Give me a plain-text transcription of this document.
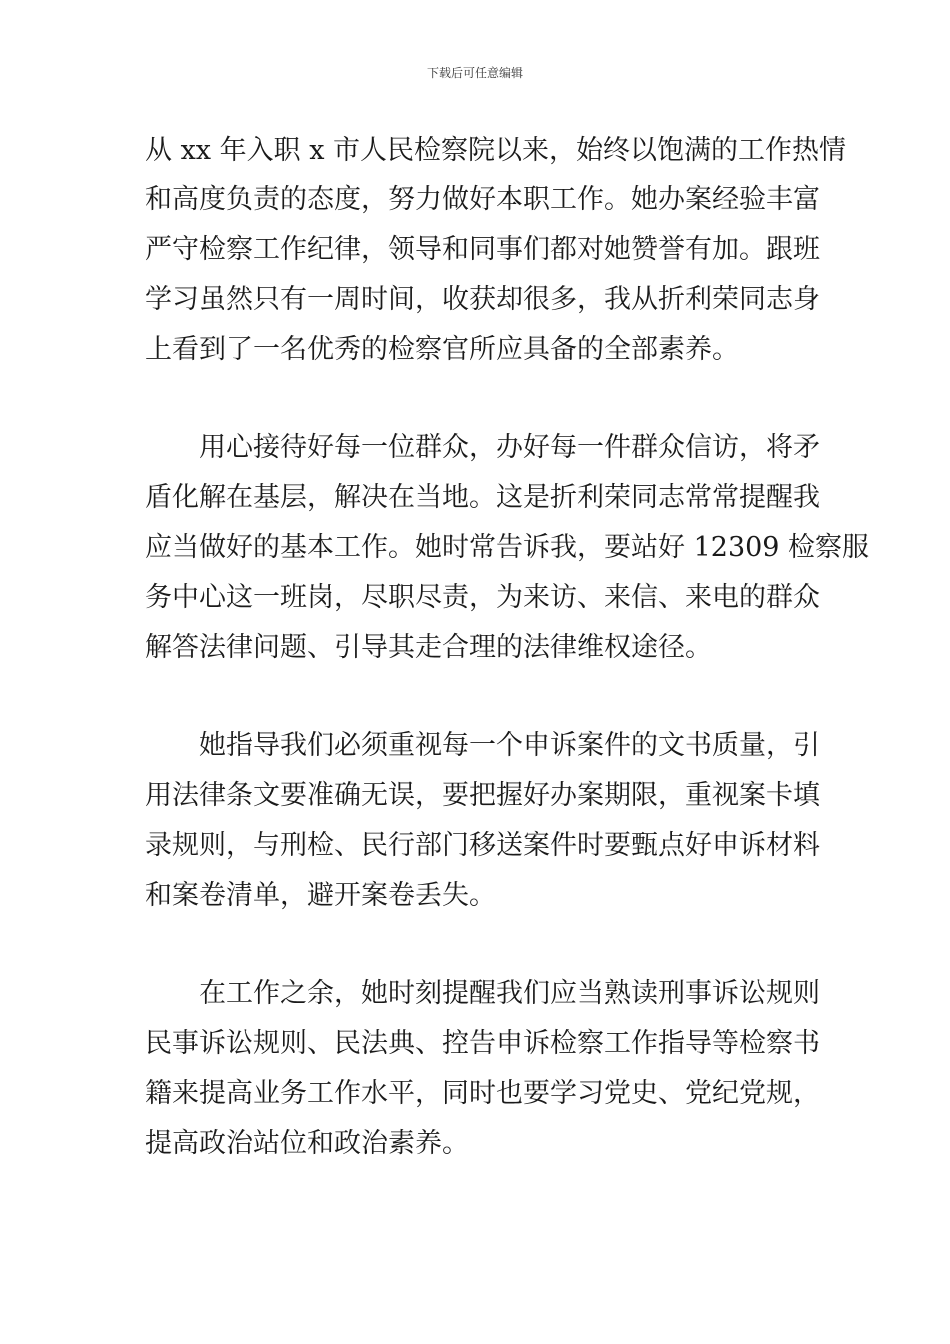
下载后可任意编辑
从 xx 年入职 x 市人民检察院以来，始终以饱满的工作热情
和高度负责的态度，努力做好本职工作。她办案经验丰富
严守检察工作纪律，领导和同事们都对她赞誉有加。跟班
学习虽然只有一周时间，收获却很多，我从折利荣同志身
上看到了一名优秀的检察官所应具备的全部素养。
用心接待好每一位群众，办好每一件群众信访，将矛
盾化解在基层，解决在当地。这是折利荣同志常常提醒我
应当做好的基本工作。她时常告诉我，要站好 12309 检察服
务中心这一班岗，尽职尽责，为来访、来信、来电的群众
解答法律问题、引导其走合理的法律维权途径。
她指导我们必须重视每一个申诉案件的文书质量，引
用法律条文要准确无误，要把握好办案期限，重视案卡填
录规则，与刑检、民行部门移送案件时要甄点好申诉材料
和案卷清单，避开案卷丢失。
在工作之余，她时刻提醒我们应当熟读刑事诉讼规则
民事诉讼规则、民法典、控告申诉检察工作指导等检察书
籍来提高业务工作水平，同时也要学习党史、党纪党规，
提高政治站位和政治素养。
